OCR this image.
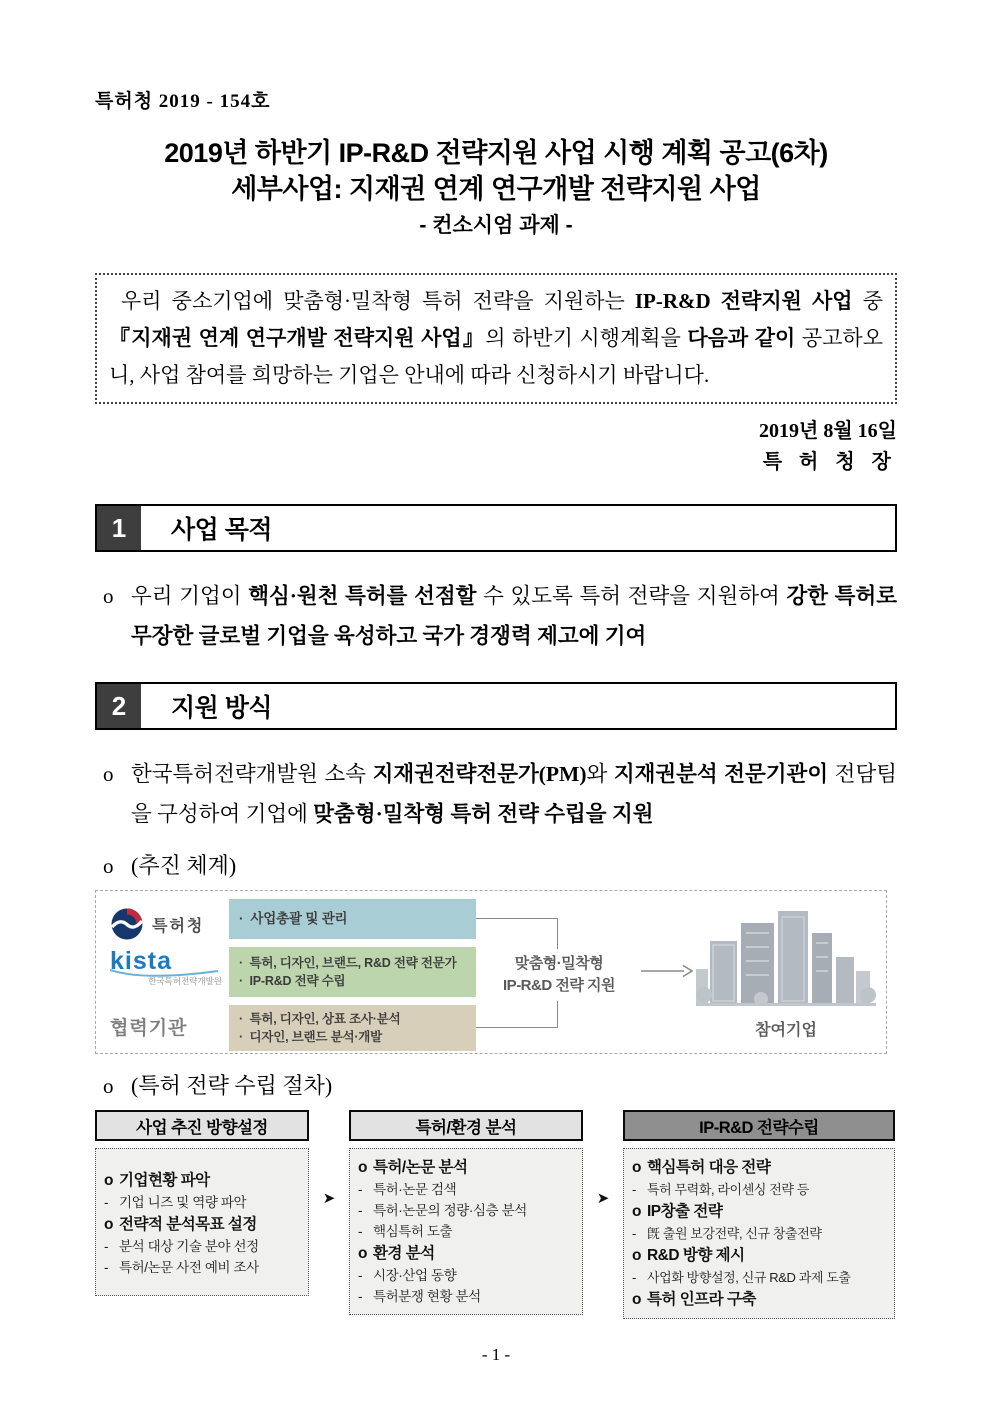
특허청 2019 - 154호
2019년 하반기 IP-R&D 전략지원 사업 시행 계획 공고(6차)
세부사업: 지재권 연계 연구개발 전략지원 사업
- 컨소시엄 과제 -

우리 중소기업에 맞춤형·밀착형 특허 전략을 지원하는 IP-R&D 전략지원 사업 중 『지재권 연계 연구개발 전략지원 사업』의 하반기 시행계획을 다음과 같이 공고하오니, 사업 참여를 희망하는 기업은 안내에 따라 신청하시기 바랍니다.

2019년 8월 16일
특 허 청 장
1	사업 목적
o 우리 기업이 핵심·원천 특허를 선점할 수 있도록 특허 전략을 지원하여 강한 특허로 무장한 글로벌 기업을 육성하고 국가 경쟁력 제고에 기여
2	지원 방식
o 한국특허전략개발원 소속 지재권전략전문가(PM)와 지재권분석 전문기관이 전담팀을 구성하여 기업에 맞춤형·밀착형 특허 전략 수립을 지원
o (추진 체계)
특허청
kista
한국특허전략개발원
협력기관
· 사업총괄 및 관리
· 특허, 디자인, 브랜드, R&D 전략 전문가
· IP-R&D 전략 수립
· 특허, 디자인, 상표 조사·분석
· 디자인, 브랜드 분석·개발
맞춤형·밀착형
IP-R&D 전략 지원
참여기업
o (특허 전략 수립 절차)
사업 추진 방향설정
o 기업현황 파악
- 기업 니즈 및 역량 파악
o 전략적 분석목표 설정
- 분석 대상 기술 분야 선정
- 특허/논문 사전 예비 조사
➤
특허/환경 분석
o 특허/논문 분석
- 특허·논문 검색
- 특허·논문의 정량·심층 분석
- 핵심특허 도출
o 환경 분석
- 시장·산업 동향
- 특허분쟁 현황 분석
➤
IP-R&D 전략수립
o 핵심특허 대응 전략
- 특허 무력화, 라이센싱 전략 등
o IP창출 전략
- 旣 출원 보강전략, 신규 창출전략
o R&D 방향 제시
- 사업화 방향설정, 신규 R&D 과제 도출
o 특허 인프라 구축
- 1 -
